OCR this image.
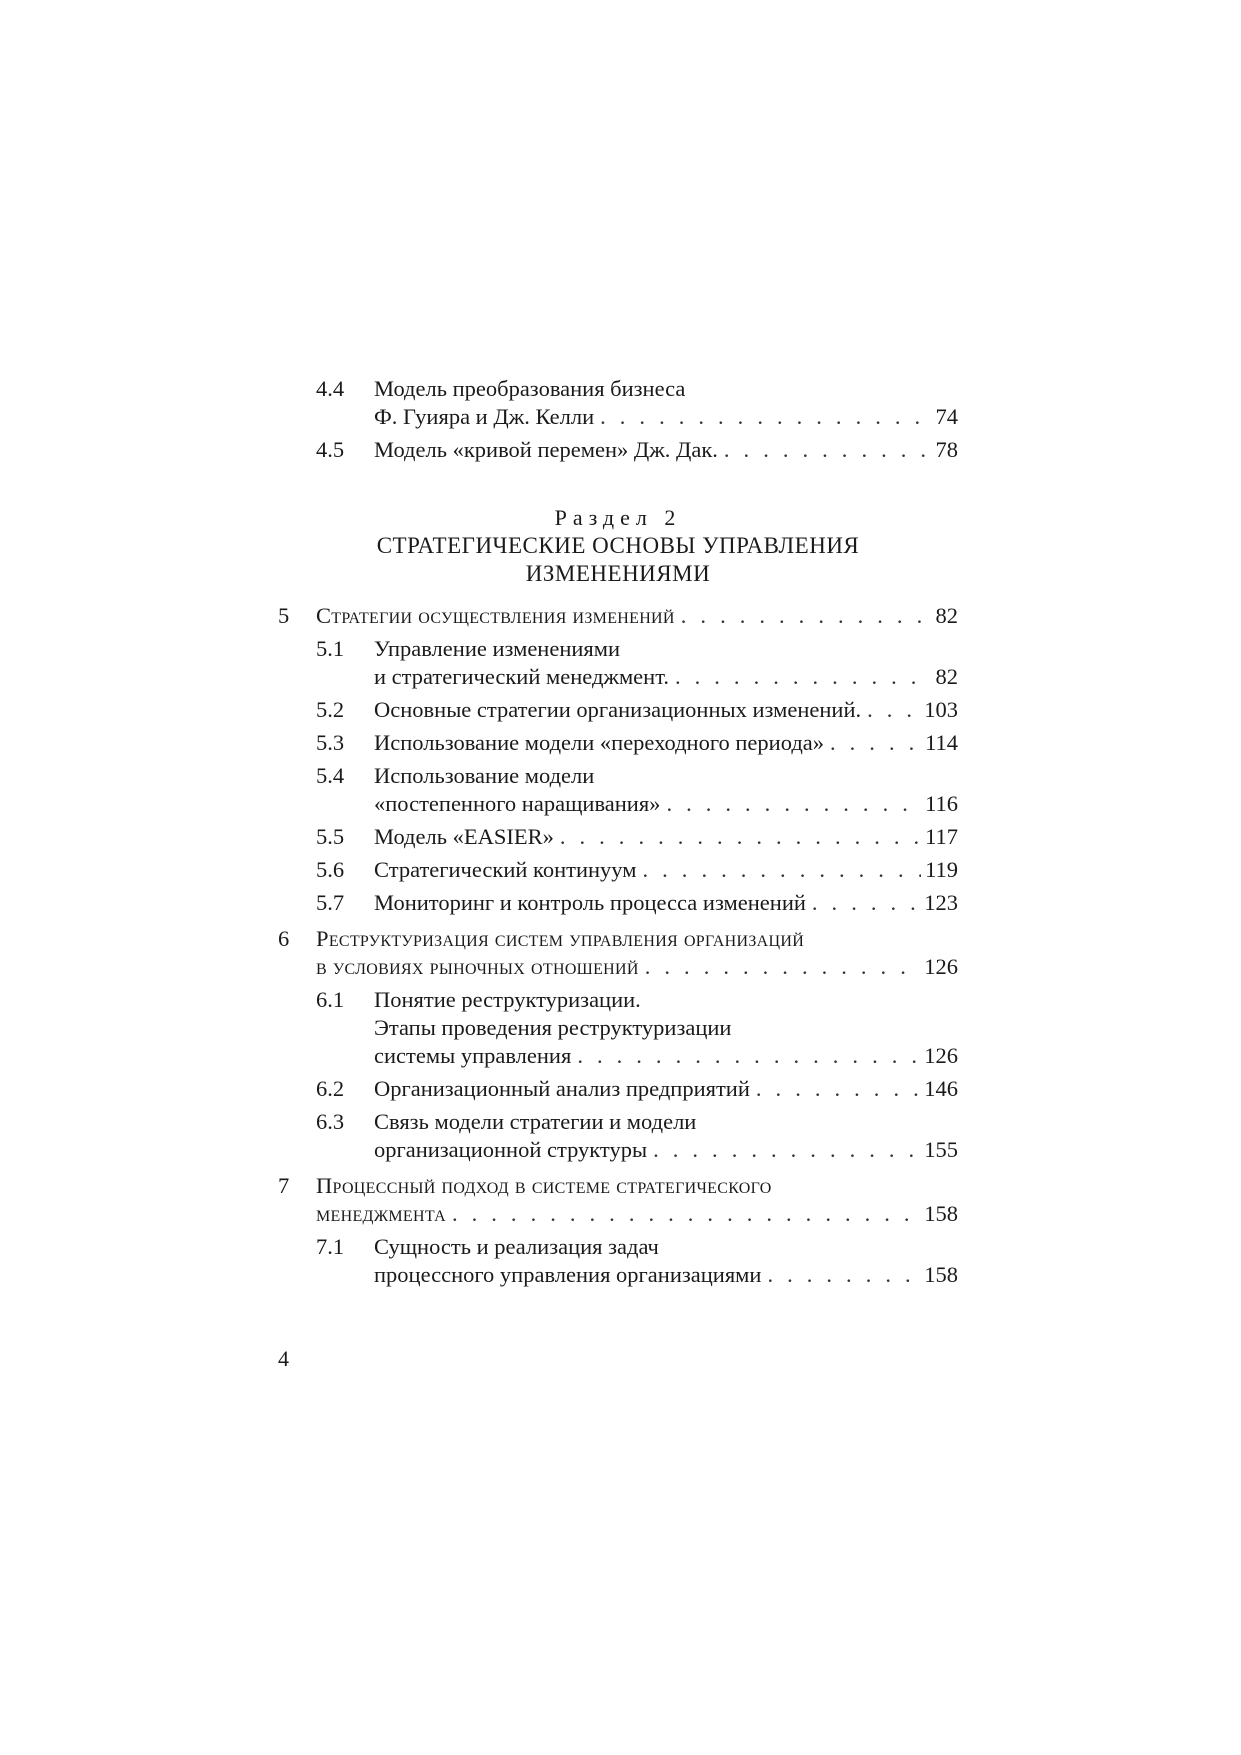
4.4 Модель преобразования бизнеса
Ф. Гуияра и Дж. Келли . . .	74
4.5 Модель «кривой перемен» Дж. Дак. . . .	78
Раздел 2
СТРАТЕГИЧЕСКИЕ ОСНОВЫ УПРАВЛЕНИЯ
ИЗМЕНЕНИЯМИ
5 Стратегии осуществления изменений . . .	82
5.1 Управление изменениями
и стратегический менеджмент. . . .	82
5.2 Основные стратегии организационных изменений. . . .	103
5.3 Использование модели «переходного периода» . . .	114
5.4 Использование модели
«постепенного наращивания» . . .	116
5.5 Модель «EASIER» . . .	117
5.6 Стратегический континуум . . .	119
5.7 Мониторинг и контроль процесса изменений . . .	123
6 Реструктуризация систем управления организаций
в условиях рыночных отношений . . .	126
6.1 Понятие реструктуризации.
Этапы проведения реструктуризации
системы управления . . .	126
6.2 Организационный анализ предприятий . . .	146
6.3 Связь модели стратегии и модели
организационной структуры . . .	155
7 Процессный подход в системе стратегического
менеджмента . . .	158
7.1 Сущность и реализация задач
процессного управления организациями . . .	158
4
